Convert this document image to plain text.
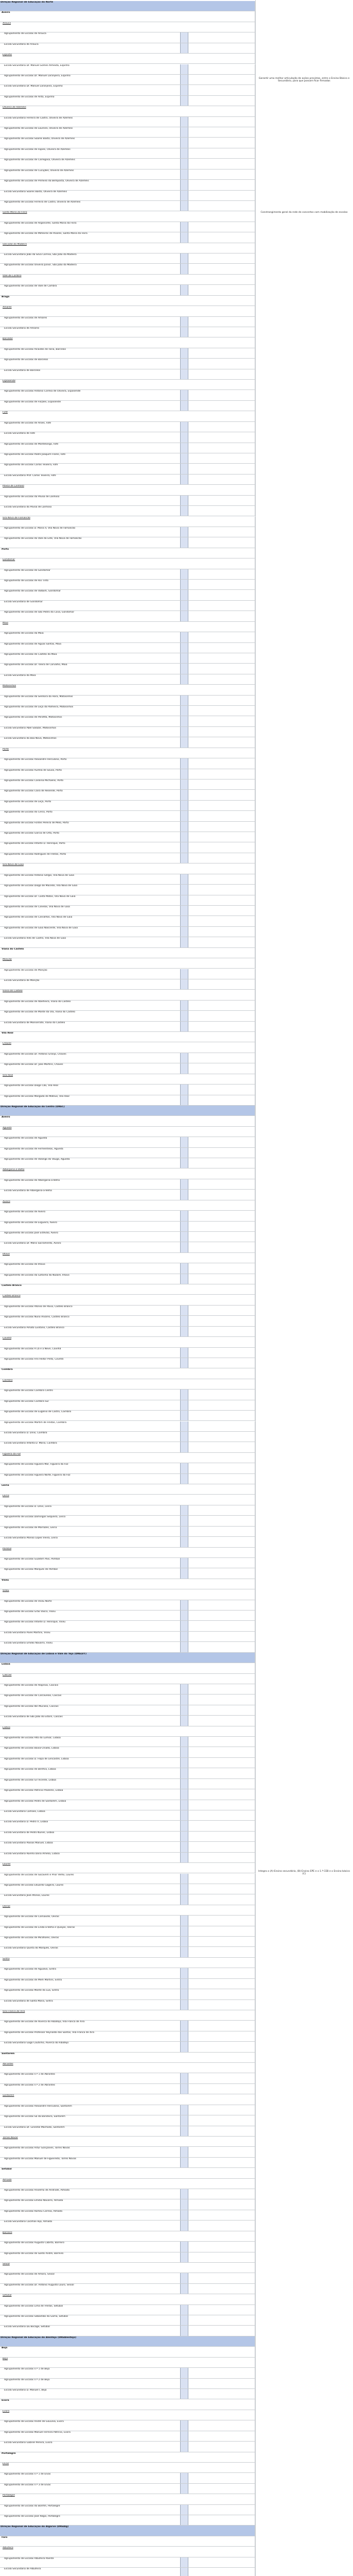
Direção Regional de Educação do Norte
Aveiro
Arouca
Agrupamento de Escolas de Arouca
Escola Secundária de Arouca
Espinho
Escola Secundária Dr. Manuel Gomes Almeida, Espinho
Agrupamento de Escolas Dr. Manuel Laranjeira, Espinho
Escola Secundária Dr. Manuel Laranjeira, Espinho
Agrupamento de Escolas de Anta, Espinho
Oliveira de Azeméis
Escola Secundária Ferreira de Castro, Oliveira de Azeméis
Agrupamento de Escolas de Loureiro, Oliveira de Azeméis
Agrupamento de Escolas Soares Basto, Oliveira de Azeméis
Agrupamento de Escolas de Fajões, Oliveira de Azeméis
Agrupamento de Escolas de Carregosa, Oliveira de Azeméis
Agrupamento de Escolas de Cucujães, Oliveira de Azeméis
Agrupamento de Escolas de Pinheiro da Bemposta, Oliveira de Azeméis
Escola Secundária Soares Basto, Oliveira de Azeméis
Agrupamento de Escolas Ferreira de Castro, Oliveira de Azeméis
Santa Maria da Feira
Agrupamento de Escolas de Argoncilhe, Santa Maria da Feira
Agrupamento de Escolas de Milheirós de Poiares, Santa Maria da Feira
São João da Madeira
Escola Secundária João da Silva Correia, São João da Madeira
Agrupamento de Escolas Oliveira Júnior, São João da Madeira
Vale de Cambra
Agrupamento de Escolas de Vale de Cambra
Braga
Amares
Agrupamento de Escolas de Amares
Escola Secundária de Amares
Barcelos
Agrupamento de Escolas Alcaides de Faria, Barcelos
Agrupamento de Escolas de Barcelos
Escola Secundária de Barcelos
Esposende
Agrupamento de Escolas António Correia de Oliveira, Esposende
Agrupamento de Escolas de Forjães, Esposende
Fafe
Agrupamento de Escolas de Arões, Fafe
Escola Secundária de Fafe
Agrupamento de Escolas de Montelongo, Fafe
Agrupamento de Escolas Padre Joaquim Flores, Fafe
Agrupamento de Escolas Carlos Teixeira, Fafe
Escola Secundária Prof. Carlos Teixeira, Fafe
Póvoa de Lanhoso
Agrupamento de Escolas da Póvoa de Lanhoso
Escola Secundária da Póvoa de Lanhoso
Vila Nova de Famalicão
Agrupamento de Escolas D. Maria II, Vila Nova de Famalicão
Agrupamento de Escolas do Vale do Este, Vila Nova de Famalicão
Porto
Gondomar
Agrupamento de Escolas de Gondomar
Agrupamento de Escolas de Rio Tinto
Agrupamento de Escolas de Valbom, Gondomar
Escola Secundária de Gondomar
Agrupamento de Escolas de São Pedro da Cova, Gondomar
Maia
Agrupamento de Escolas da Maia
Agrupamento de Escolas de Águas Santas, Maia
Agrupamento de Escolas de Castêlo da Maia
Agrupamento de Escolas Dr. Vieira de Carvalho, Maia
Escola Secundária da Maia
Matosinhos
Agrupamento de Escolas da Senhora da Hora, Matosinhos
Agrupamento de Escolas de Leça da Palmeira, Matosinhos
Agrupamento de Escolas de Perafita, Matosinhos
Escola Secundária Abel Salazar, Matosinhos
Escola Secundária da Boa Nova, Matosinhos
Porto
Agrupamento de Escolas Alexandre Herculano, Porto
Agrupamento de Escolas Aurélia de Sousa, Porto
Agrupamento de Escolas Carolina Michaëlis, Porto
Agrupamento de Escolas Clara de Resende, Porto
Agrupamento de Escolas de Leça, Porto
Agrupamento de Escolas do Cerco, Porto
Agrupamento de Escolas Fontes Pereira de Melo, Porto
Agrupamento de Escolas Garcia de Orta, Porto
Agrupamento de Escolas Infante D. Henrique, Porto
Agrupamento de Escolas Rodrigues de Freitas, Porto
Vila Nova de Gaia
Agrupamento de Escolas António Sérgio, Vila Nova de Gaia
Agrupamento de Escolas Diogo de Macedo, Vila Nova de Gaia
Agrupamento de Escolas Dr. Costa Matos, Vila Nova de Gaia
Agrupamento de Escolas de Canelas, Vila Nova de Gaia
Agrupamento de Escolas de Carvalhos, Vila Nova de Gaia
Agrupamento de Escolas de Gaia Nascente, Vila Nova de Gaia
Escola Secundária Inês de Castro, Vila Nova de Gaia
Viana do Castelo
Monção
Agrupamento de Escolas de Monção
Escola Secundária de Monção
Viana do Castelo
Agrupamento de Escolas de Abelheira, Viana do Castelo
Agrupamento de Escolas de Monte da Ola, Viana do Castelo
Escola Secundária de Monserrate, Viana do Castelo
Vila Real
Chaves
Agrupamento de Escolas Dr. António Granjo, Chaves
Agrupamento de Escolas Dr. Júlio Martins, Chaves
Vila Real
Agrupamento de Escolas Diogo Cão, Vila Real
Agrupamento de Escolas Morgado de Mateus, Vila Real
Direção Regional de Educação do Centro (DREC)
Aveiro
Águeda
Agrupamento de Escolas de Águeda
Agrupamento de Escolas de Fermentelos, Águeda
Agrupamento de Escolas de Valongo do Vouga, Águeda
Albergaria-a-Velha
Agrupamento de Escolas de Albergaria-a-Velha
Escola Secundária de Albergaria-a-Velha
Aveiro
Agrupamento de Escolas de Aveiro
Agrupamento de Escolas de Esgueira, Aveiro
Agrupamento de Escolas José Estêvão, Aveiro
Escola Secundária Dr. Mário Sacramento, Aveiro
Ílhavo
Agrupamento de Escolas de Ílhavo
Agrupamento de Escolas da Gafanha da Nazaré, Ílhavo
Castelo Branco
Castelo Branco
Agrupamento de Escolas Afonso de Paiva, Castelo Branco
Agrupamento de Escolas Nuno Álvares, Castelo Branco
Escola Secundária Amato Lusitano, Castelo Branco
Covilhã
Agrupamento de Escolas A Lã e a Neve, Covilhã
Agrupamento de Escolas Frei Heitor Pinto, Covilhã
Coimbra
Coimbra
Agrupamento de Escolas Coimbra Centro
Agrupamento de Escolas Coimbra Sul
Agrupamento de Escolas de Eugénio de Castro, Coimbra
Agrupamento de Escolas Martim de Freitas, Coimbra
Escola Secundária D. Dinis, Coimbra
Escola Secundária Infanta D. Maria, Coimbra
Figueira da Foz
Agrupamento de Escolas Figueira Mar, Figueira da Foz
Agrupamento de Escolas Figueira Norte, Figueira da Foz
Leiria
Leiria
Agrupamento de Escolas D. Dinis, Leiria
Agrupamento de Escolas Domingos Sequeira, Leiria
Agrupamento de Escolas de Marrazes, Leiria
Escola Secundária Afonso Lopes Vieira, Leiria
Pombal
Agrupamento de Escolas Gualdim Pais, Pombal
Agrupamento de Escolas Marquês de Pombal
Viseu
Viseu
Agrupamento de Escolas de Viseu Norte
Agrupamento de Escolas Grão Vasco, Viseu
Agrupamento de Escolas Infante D. Henrique, Viseu
Escola Secundária Alves Martins, Viseu
Escola Secundária Emídio Navarro, Viseu
Direção Regional de Educação de Lisboa e Vale do Tejo (DRELVT)
Lisboa
Cascais
Agrupamento de Escolas de Alapraia, Cascais
Agrupamento de Escolas de Carcavelos, Cascais
Agrupamento de Escolas Ibn Mucana, Cascais
Escola Secundária de São João do Estoril, Cascais
Lisboa
Agrupamento de Escolas Alto do Lumiar, Lisboa
Agrupamento de Escolas Baixa-Chiado, Lisboa
Agrupamento de Escolas D. Filipa de Lencastre, Lisboa
Agrupamento de Escolas de Benfica, Lisboa
Agrupamento de Escolas Gil Vicente, Lisboa
Agrupamento de Escolas Patrício Prazeres, Lisboa
Agrupamento de Escolas Pedro de Santarém, Lisboa
Escola Secundária Camões, Lisboa
Escola Secundária D. Pedro V, Lisboa
Escola Secundária de Pedro Nunes, Lisboa
Escola Secundária Passos Manuel, Lisboa
Escola Secundária Rainha Dona Amélia, Lisboa
Loures
Agrupamento de Escolas de Sacavém e Prior Velho, Loures
Agrupamento de Escolas Eduardo Gageiro, Loures
Escola Secundária José Afonso, Loures
Oeiras
Agrupamento de Escolas de Carnaxide, Oeiras
Agrupamento de Escolas de Linda-a-Velha e Queijas, Oeiras
Agrupamento de Escolas de Miraflores, Oeiras
Escola Secundária Quinta do Marquês, Oeiras
Sintra
Agrupamento de Escolas de Agualva, Sintra
Agrupamento de Escolas de Mem Martins, Sintra
Agrupamento de Escolas Monte da Lua, Sintra
Escola Secundária de Santa Maria, Sintra
Vila Franca de Xira
Agrupamento de Escolas de Alverca do Ribatejo, Vila Franca de Xira
Agrupamento de Escolas Professor Reynaldo dos Santos, Vila Franca de Xira
Escola Secundária Gago Coutinho, Alverca do Ribatejo
Santarém
Abrantes
Agrupamento de Escolas n.º 1 de Abrantes
Agrupamento de Escolas n.º 2 de Abrantes
Santarém
Agrupamento de Escolas Alexandre Herculano, Santarém
Agrupamento de Escolas Sá da Bandeira, Santarém
Escola Secundária Dr. Ginestal Machado, Santarém
Torres Novas
Agrupamento de Escolas Artur Gonçalves, Torres Novas
Agrupamento de Escolas Manuel de Figueiredo, Torres Novas
Setúbal
Almada
Agrupamento de Escolas Anselmo de Andrade, Almada
Agrupamento de Escolas Emídio Navarro, Almada
Agrupamento de Escolas Romeu Correia, Almada
Escola Secundária Cacilhas-Tejo, Almada
Barreiro
Agrupamento de Escolas Augusto Cabrita, Barreiro
Agrupamento de Escolas de Santo André, Barreiro
Seixal
Agrupamento de Escolas de Amora, Seixal
Agrupamento de Escolas Dr. António Augusto Louro, Seixal
Setúbal
Agrupamento de Escolas Lima de Freitas, Setúbal
Agrupamento de Escolas Sebastião da Gama, Setúbal
Escola Secundária Du Bocage, Setúbal
Direção Regional de Educação do Alentejo (DREAlentejo)
Beja
Beja
Agrupamento de Escolas n.º 1 de Beja
Agrupamento de Escolas n.º 2 de Beja
Escola Secundária D. Manuel I, Beja
Évora
Évora
Agrupamento de Escolas André de Gouveia, Évora
Agrupamento de Escolas Manuel Ferreira Patrício, Évora
Escola Secundária Gabriel Pereira, Évora
Portalegre
Elvas
Agrupamento de Escolas n.º 1 de Elvas
Agrupamento de Escolas n.º 3 de Elvas
Portalegre
Agrupamento de Escolas do Bonfim, Portalegre
Agrupamento de Escolas José Régio, Portalegre
Direção Regional de Educação do Algarve (DREAlg)
Faro
Albufeira
Agrupamento de Escolas Albufeira Poente
Escola Secundária de Albufeira
Garantir uma melhor articulação de ações previstas, entre o Ensino Básico e Secundário, para que possam ficar firmadas
Constrangimento geral da rede de concertos com mobilização de escolas
Integra a (A)-Ensino secundário, (B)-Ensino EPE e o 1.º CEB e o Ensino básico (C)
